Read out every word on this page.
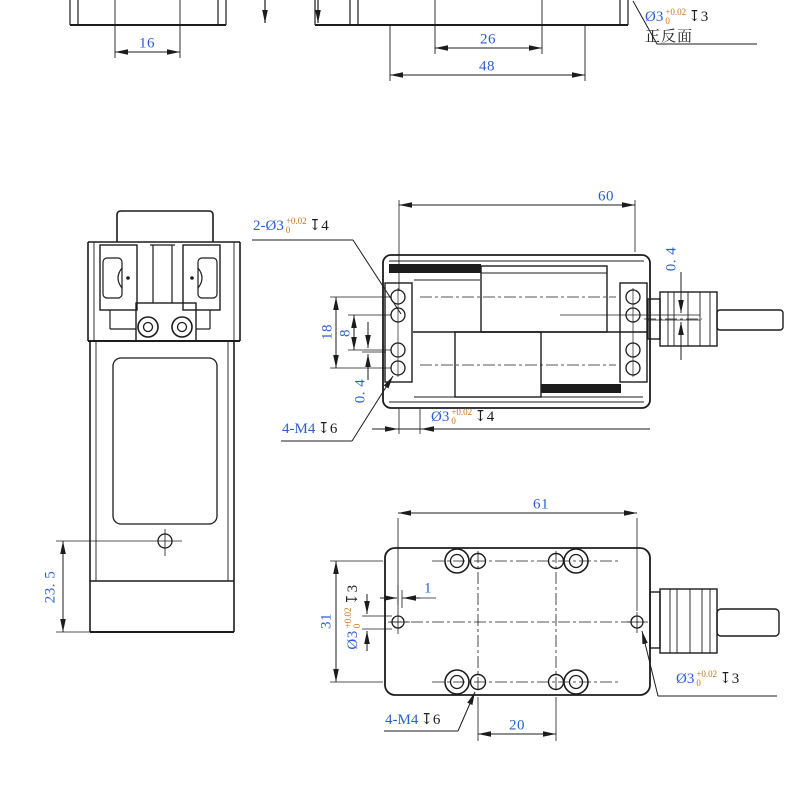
16	26
48
60
18 8
0. 4
0. 4
61
31
1
20
23. 5
Ø3 +0.02
0	↧3
正反面
2-Ø3 +0.02
0	↧4
Ø3 +0.02
0	↧4
4-M4 ↧6
Ø3
+0.02 0
↧3
4-M4 ↧6
Ø3 +0.02
0	↧3
